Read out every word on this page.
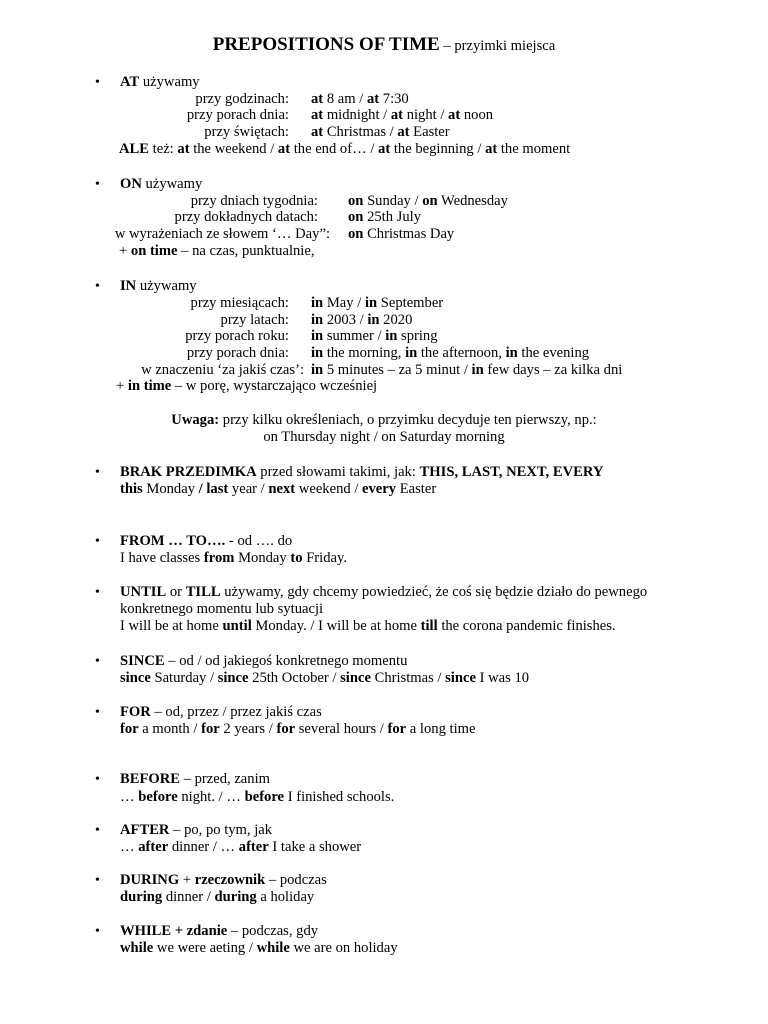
PREPOSITIONS OF TIME – przyimki miejsca
• AT używamy
przy godzinach: at 8 am / at 7:30
przy porach dnia: at midnight / at night / at noon
przy świętach: at Christmas / at Easter
ALE też: at the weekend / at the end of… / at the beginning / at the moment
• ON używamy
przy dniach tygodnia: on Sunday / on Wednesday
przy dokładnych datach: on 25th July
w wyrażeniach ze słowem ‘… Day”: on Christmas Day
+ on time – na czas, punktualnie,
• IN używamy
przy miesiącach: in May / in September
przy latach: in 2003 / in 2020
przy porach roku: in summer / in spring
przy porach dnia: in the morning, in the afternoon, in the evening
w znaczeniu ‘za jakiś czas’: in 5 minutes – za 5 minut / in few days – za kilka dni
+ in time – w porę, wystarczająco wcześniej
Uwaga: przy kilku określeniach, o przyimku decyduje ten pierwszy, np.:
on Thursday night / on Saturday morning
• BRAK PRZEDIMKA przed słowami takimi, jak: THIS, LAST, NEXT, EVERY
this Monday / last year / next weekend / every Easter
• FROM … TO…. - od …. do
I have classes from Monday to Friday.
• UNTIL or TILL używamy, gdy chcemy powiedzieć, że coś się będzie działo do pewnego
konkretnego momentu lub sytuacji
I will be at home until Monday. / I will be at home till the corona pandemic finishes.
• SINCE – od / od jakiegoś konkretnego momentu
since Saturday / since 25th October / since Christmas / since I was 10
• FOR – od, przez / przez jakiś czas
for a month / for 2 years / for several hours / for a long time
• BEFORE – przed, zanim
… before night. / … before I finished schools.
• AFTER – po, po tym, jak
… after dinner / … after I take a shower
• DURING + rzeczownik – podczas
during dinner / during a holiday
• WHILE + zdanie – podczas, gdy
while we were aeting / while we are on holiday
